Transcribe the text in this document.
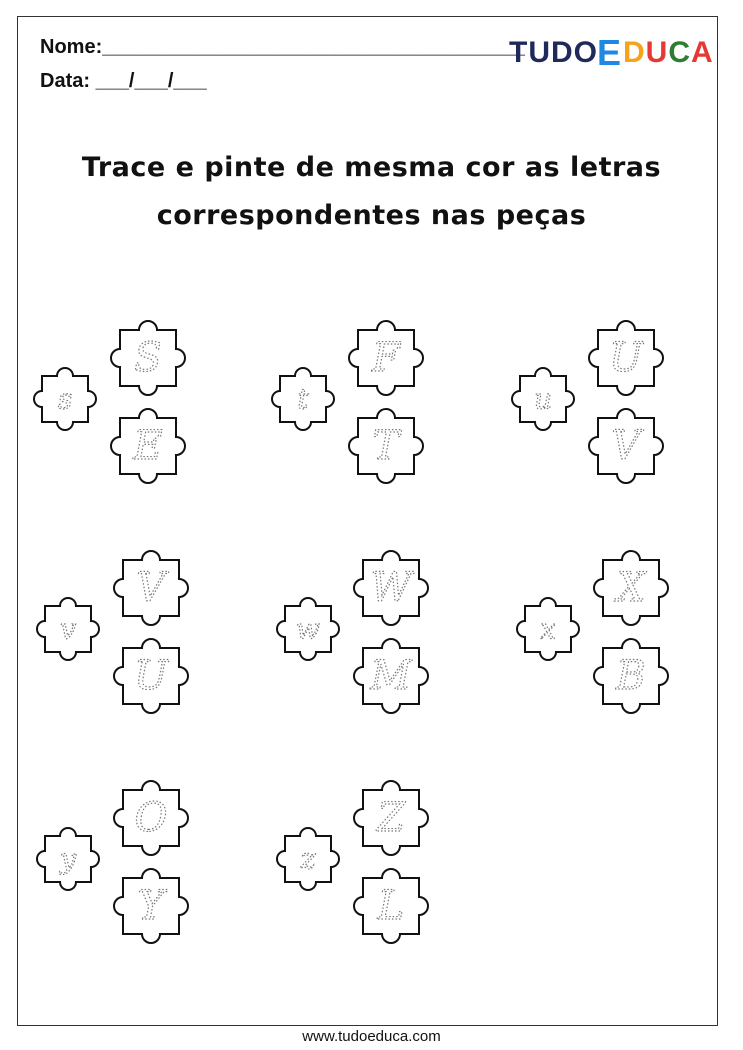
Nome:______________________________________
Data: ___/___/___
TUDO E DUCA
Trace e pinte de mesma cor as letras
correspondentes nas peças
s
S
E
t
F
T
u
U
V
v
V
U
w
W
M
x
X
B
y
O
Y
z
Z
L
www.tudoeduca.com
